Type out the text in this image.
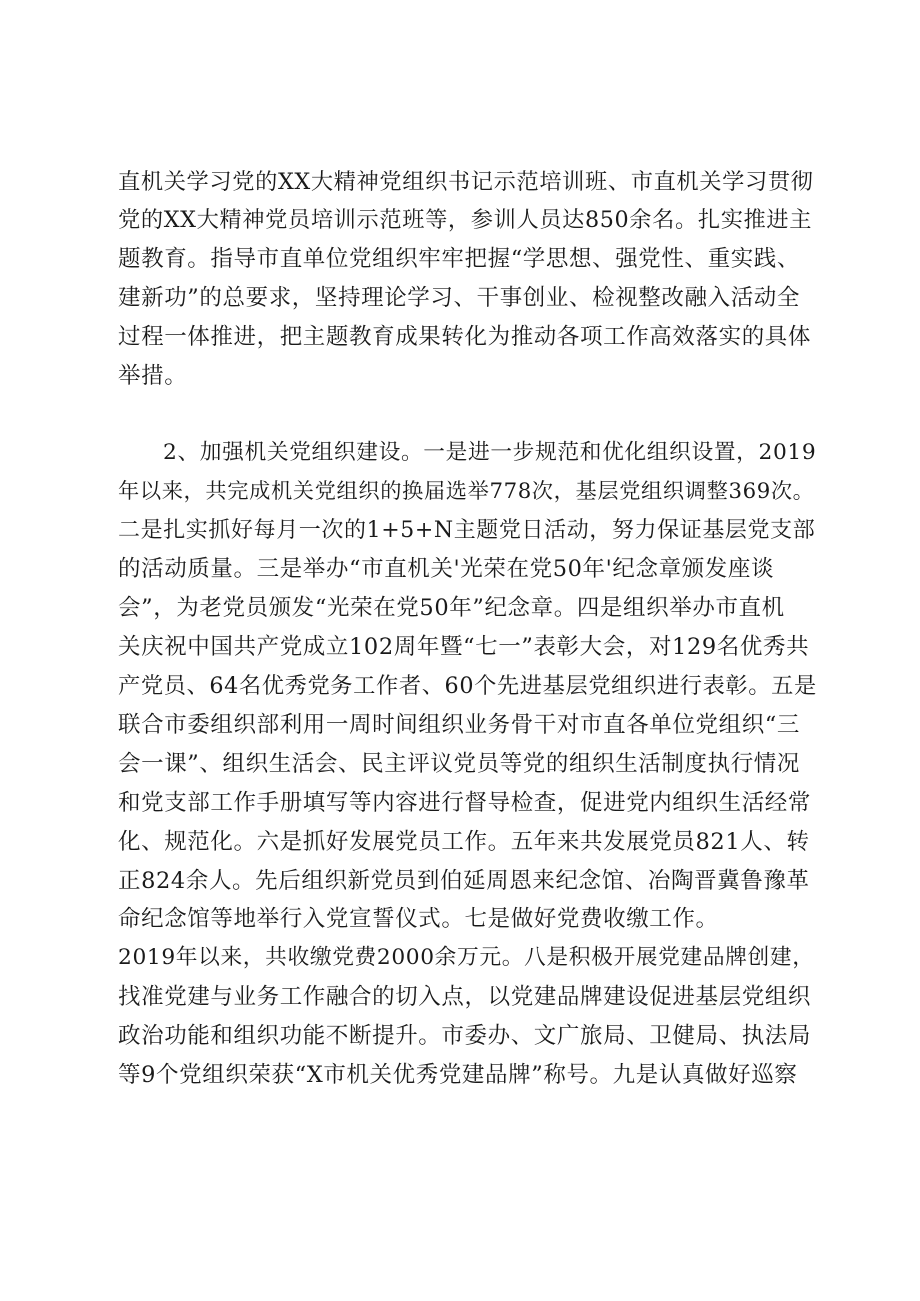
直机关学习党的XX大精神党组织书记示范培训班、市直机关学习贯彻
党的XX大精神党员培训示范班等，参训人员达850余名。扎实推进主
题教育。指导市直单位党组织牢牢把握“学思想、强党性、重实践、
建新功”的总要求，坚持理论学习、干事创业、检视整改融入活动全
过程一体推进，把主题教育成果转化为推动各项工作高效落实的具体
举措。
2、加强机关党组织建设。一是进一步规范和优化组织设置，2019
年以来，共完成机关党组织的换届选举778次，基层党组织调整369次。
二是扎实抓好每月一次的1+5+N主题党日活动，努力保证基层党支部
的活动质量。三是举办“市直机关'光荣在党50年'纪念章颁发座谈
会”，为老党员颁发“光荣在党50年”纪念章。四是组织举办市直机
关庆祝中国共产党成立102周年暨“七一”表彰大会，对129名优秀共
产党员、64名优秀党务工作者、60个先进基层党组织进行表彰。五是
联合市委组织部利用一周时间组织业务骨干对市直各单位党组织“三
会一课”、组织生活会、民主评议党员等党的组织生活制度执行情况
和党支部工作手册填写等内容进行督导检查，促进党内组织生活经常
化、规范化。六是抓好发展党员工作。五年来共发展党员821人、转
正824余人。先后组织新党员到伯延周恩来纪念馆、冶陶晋冀鲁豫革
命纪念馆等地举行入党宣誓仪式。七是做好党费收缴工作。
2019年以来，共收缴党费2000余万元。八是积极开展党建品牌创建，
找准党建与业务工作融合的切入点，以党建品牌建设促进基层党组织
政治功能和组织功能不断提升。市委办、文广旅局、卫健局、执法局
等9个党组织荣获“X市机关优秀党建品牌”称号。九是认真做好巡察
